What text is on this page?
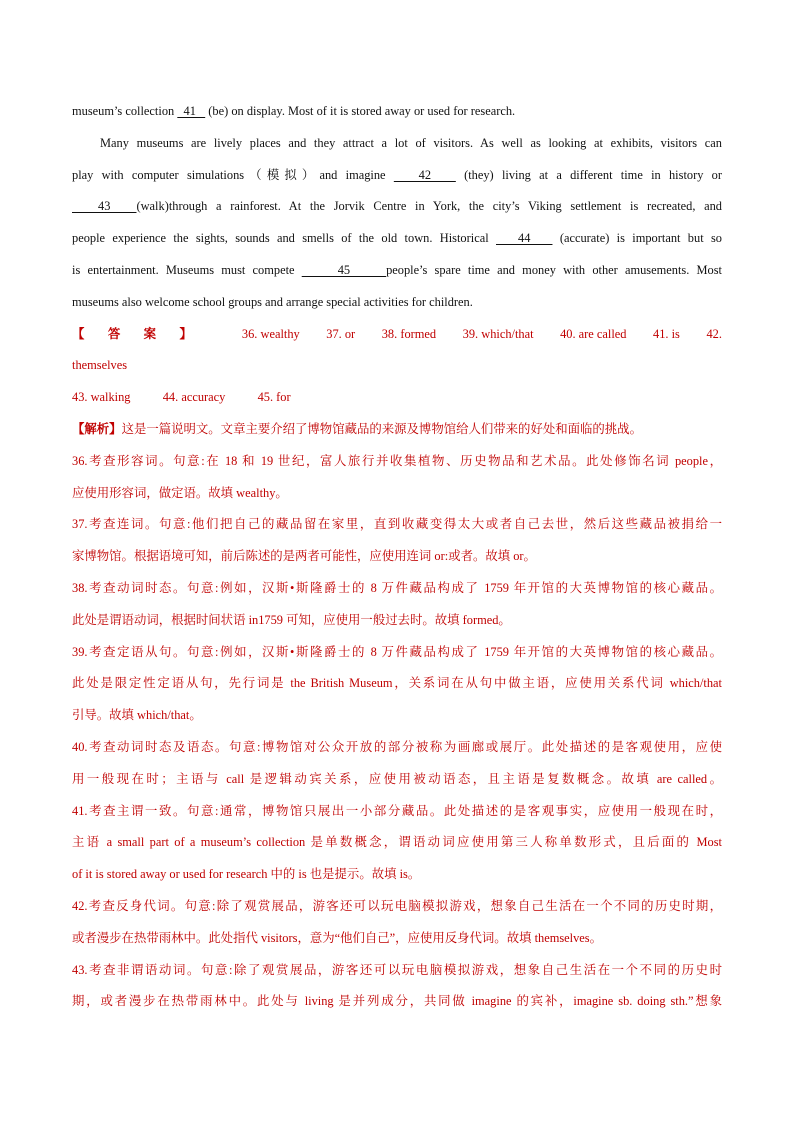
museum’s collection   41    (be) on display. Most of it is stored away or used for research.
Many museums are lively places and they attract a lot of visitors. As well as looking at exhibits, visitors can
play with computer simulations（模拟）and imagine    42    (they) living at a different time in history or
43   (walk)through a rainforest. At the Jorvik Centre in York, the city’s Viking settlement is recreated, and
people experience the sights, sounds and smells of the old town. Historical    44    (accurate) is important but so
is entertainment. Museums must compete      45     people’s spare time and money with other amusements. Most
museums also welcome school groups and arrange special activities for children.
【答案】 36. wealthy 37. or 38. formed 39. which/that 40. are called 41. is 42.
themselves
43. walking	44. accuracy	45. for
【解析】这是一篇说明文。文章主要介绍了博物馆藏品的来源及博物馆给人们带来的好处和面临的挑战。
36.考查形容词。句意:在 18 和 19 世纪，富人旅行并收集植物、历史物品和艺术品。此处修饰名词 people，
应使用形容词，做定语。故填 wealthy。
37.考查连词。句意:他们把自己的藏品留在家里，直到收藏变得太大或者自己去世，然后这些藏品被捐给一
家博物馆。根据语境可知，前后陈述的是两者可能性，应使用连词 or:或者。故填 or。
38.考查动词时态。句意:例如，汉斯•斯隆爵士的 8 万件藏品构成了 1759 年开馆的大英博物馆的核心藏品。
此处是谓语动词，根据时间状语 in1759 可知，应使用一般过去时。故填 formed。
39.考查定语从句。句意:例如，汉斯•斯隆爵士的 8 万件藏品构成了 1759 年开馆的大英博物馆的核心藏品。
此处是限定性定语从句，先行词是 the British Museum，关系词在从句中做主语，应使用关系代词 which/that
引导。故填 which/that。
40.考查动词时态及语态。句意:博物馆对公众开放的部分被称为画廊或展厅。此处描述的是客观使用，应使
用一般现在时；主语与 call 是逻辑动宾关系，应使用被动语态，且主语是复数概念。故填 are called。
41.考查主谓一致。句意:通常，博物馆只展出一小部分藏品。此处描述的是客观事实，应使用一般现在时，
主语 a small part of a museum’s collection 是单数概念，谓语动词应使用第三人称单数形式，且后面的 Most
of it is stored away or used for research 中的 is 也是提示。故填 is。
42.考查反身代词。句意:除了观赏展品，游客还可以玩电脑模拟游戏，想象自己生活在一个不同的历史时期，
或者漫步在热带雨林中。此处指代 visitors，意为“他们自己”，应使用反身代词。故填 themselves。
43.考查非谓语动词。句意:除了观赏展品，游客还可以玩电脑模拟游戏，想象自己生活在一个不同的历史时
期，或者漫步在热带雨林中。此处与 living 是并列成分，共同做 imagine 的宾补，imagine sb. doing sth.”想象
